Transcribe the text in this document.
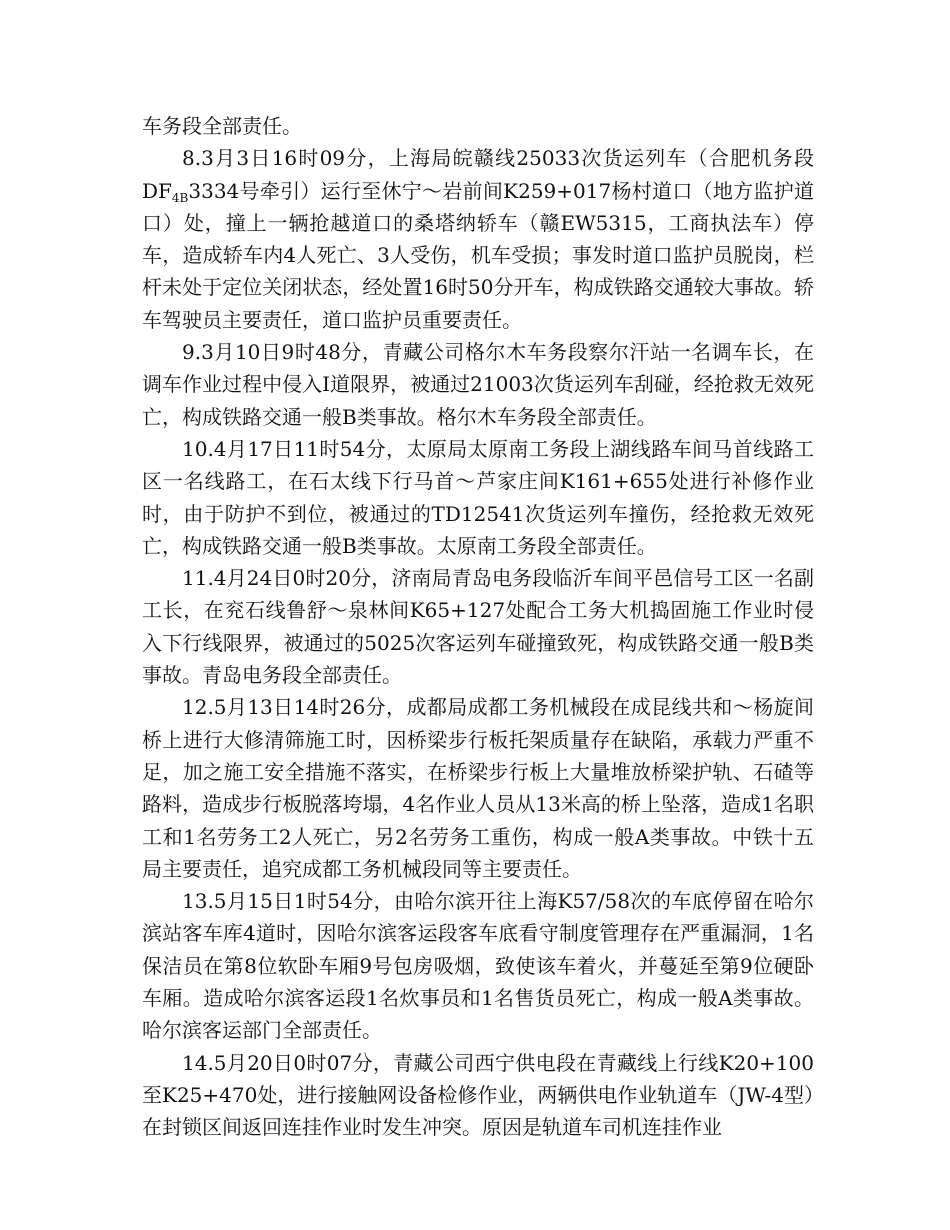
车务段全部责任。

8.3月3日16时09分，上海局皖赣线25033次货运列车（合肥机务段$DF_{4B}3334$号牵引）运行至休宁～岩前间K259+017杨村道口（地方监护道口）处，撞上一辆抢越道口的桑塔纳轿车（赣EW5315，工商执法车）停车，造成轿车内4人死亡、3人受伤，机车受损；事发时道口监护员脱岗，栏杆未处于定位关闭状态，经处置16时50分开车，构成铁路交通较大事故。轿车驾驶员主要责任，道口监护员重要责任。

9.3月10日9时48分，青藏公司格尔木车务段察尔汗站一名调车长，在调车作业过程中侵入I道限界，被通过21003次货运列车刮碰，经抢救无效死亡，构成铁路交通一般B类事故。格尔木车务段全部责任。

10.4月17日11时54分，太原局太原南工务段上湖线路车间马首线路工区一名线路工，在石太线下行马首～芦家庄间K161+655处进行补修作业时，由于防护不到位，被通过的TD12541次货运列车撞伤，经抢救无效死亡，构成铁路交通一般B类事故。太原南工务段全部责任。

11.4月24日0时20分，济南局青岛电务段临沂车间平邑信号工区一名副工长，在兖石线鲁舒～泉林间K65+127处配合工务大机捣固施工作业时侵入下行线限界，被通过的5025次客运列车碰撞致死，构成铁路交通一般B类事故。青岛电务段全部责任。

12.5月13日14时26分，成都局成都工务机械段在成昆线共和～杨旋间桥上进行大修清筛施工时，因桥梁步行板托架质量存在缺陷，承载力严重不足，加之施工安全措施不落实，在桥梁步行板上大量堆放桥梁护轨、石碴等路料，造成步行板脱落垮塌，4名作业人员从13米高的桥上坠落，造成1名职工和1名劳务工2人死亡，另2名劳务工重伤，构成一般A类事故。中铁十五局主要责任，追究成都工务机械段同等主要责任。

13.5月15日1时54分，由哈尔滨开往上海K57/58次的车底停留在哈尔滨站客车库4道时，因哈尔滨客运段客车底看守制度管理存在严重漏洞，1名保洁员在第8位软卧车厢9号包房吸烟，致使该车着火，并蔓延至第9位硬卧车厢。造成哈尔滨客运段1名炊事员和1名售货员死亡，构成一般A类事故。哈尔滨客运部门全部责任。

14.5月20日0时07分，青藏公司西宁供电段在青藏线上行线K20+100至K25+470处，进行接触网设备检修作业，两辆供电作业轨道车（JW-4型）在封锁区间返回连挂作业时发生冲突。原因是轨道车司机连挂作业
